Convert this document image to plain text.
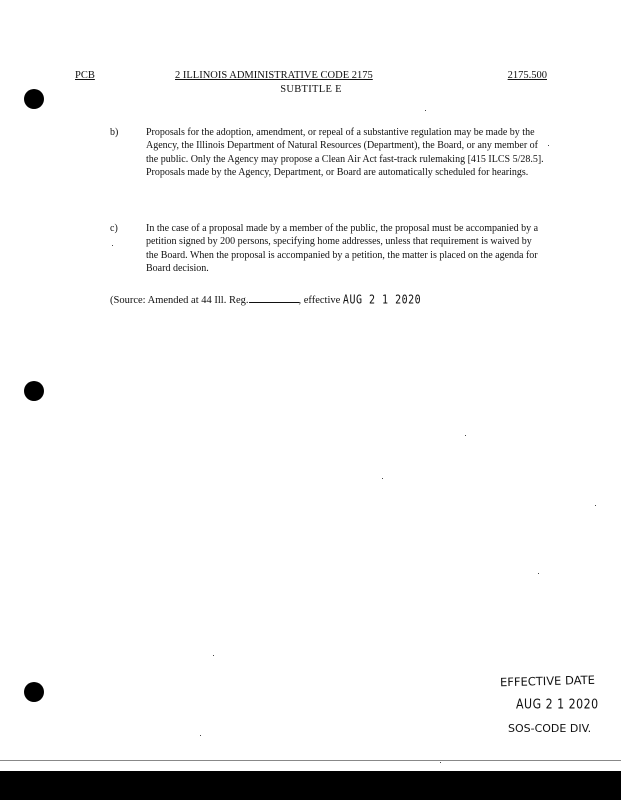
PCB	2 ILLINOIS ADMINISTRATIVE CODE 2175	2175.500
SUBTITLE E
b)	Proposals for the adoption, amendment, or repeal of a substantive regulation may be made by the Agency, the Illinois Department of Natural Resources (Department), the Board, or any member of the public. Only the Agency may propose a Clean Air Act fast-track rulemaking [415 ILCS 5/28.5]. Proposals made by the Agency, Department, or Board are automatically scheduled for hearings.
c)	In the case of a proposal made by a member of the public, the proposal must be accompanied by a petition signed by 200 persons, specifying home addresses, unless that requirement is waived by the Board. When the proposal is accompanied by a petition, the matter is placed on the agenda for Board decision.
(Source: Amended at 44 Ill. Reg.	, effective AUG 2 1 2020
EFFECTIVE DATE
AUG 2 1 2020
SOS-CODE DIV.
